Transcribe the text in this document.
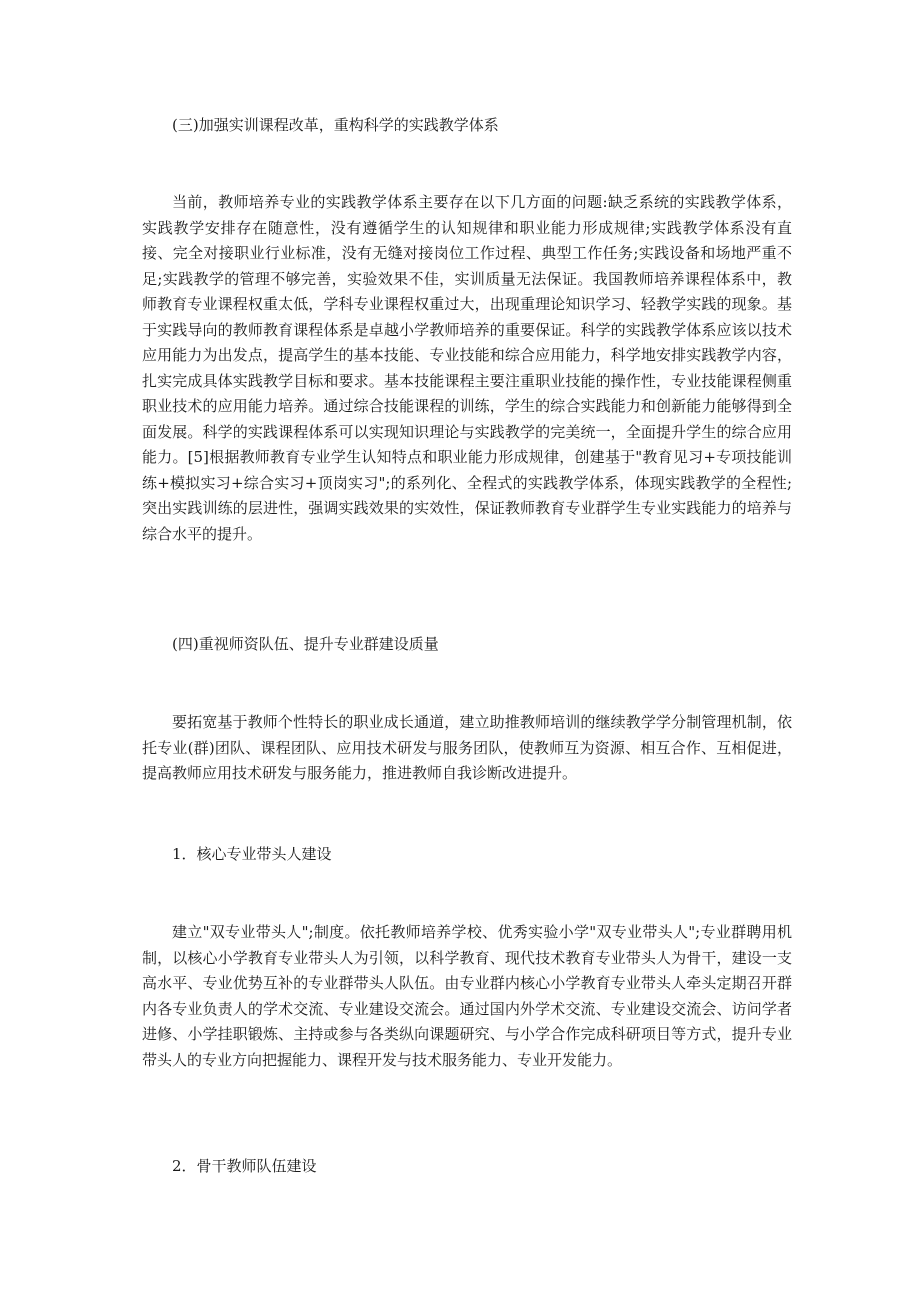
(三)加强实训课程改革，重构科学的实践教学体系

当前，教师培养专业的实践教学体系主要存在以下几方面的问题:缺乏系统的实践教学体系，实践教学安排存在随意性，没有遵循学生的认知规律和职业能力形成规律;实践教学体系没有直接、完全对接职业行业标准，没有无缝对接岗位工作过程、典型工作任务;实践设备和场地严重不足;实践教学的管理不够完善，实验效果不佳，实训质量无法保证。我国教师培养课程体系中，教师教育专业课程权重太低，学科专业课程权重过大，出现重理论知识学习、轻教学实践的现象。基于实践导向的教师教育课程体系是卓越小学教师培养的重要保证。科学的实践教学体系应该以技术应用能力为出发点，提高学生的基本技能、专业技能和综合应用能力，科学地安排实践教学内容，扎实完成具体实践教学目标和要求。基本技能课程主要注重职业技能的操作性，专业技能课程侧重职业技术的应用能力培养。通过综合技能课程的训练，学生的综合实践能力和创新能力能够得到全面发展。科学的实践课程体系可以实现知识理论与实践教学的完美统一，全面提升学生的综合应用能力。[5]根据教师教育专业学生认知特点和职业能力形成规律，创建基于"教育见习+专项技能训练+模拟实习+综合实习+顶岗实习";的系列化、全程式的实践教学体系，体现实践教学的全程性;突出实践训练的层进性，强调实践效果的实效性，保证教师教育专业群学生专业实践能力的培养与综合水平的提升。

(四)重视师资队伍、提升专业群建设质量

要拓宽基于教师个性特长的职业成长通道，建立助推教师培训的继续教学学分制管理机制，依托专业(群)团队、课程团队、应用技术研发与服务团队，使教师互为资源、相互合作、互相促进，提高教师应用技术研发与服务能力，推进教师自我诊断改进提升。

1．核心专业带头人建设

建立"双专业带头人";制度。依托教师培养学校、优秀实验小学"双专业带头人";专业群聘用机制，以核心小学教育专业带头人为引领，以科学教育、现代技术教育专业带头人为骨干，建设一支高水平、专业优势互补的专业群带头人队伍。由专业群内核心小学教育专业带头人牵头定期召开群内各专业负责人的学术交流、专业建设交流会。通过国内外学术交流、专业建设交流会、访问学者进修、小学挂职锻炼、主持或参与各类纵向课题研究、与小学合作完成科研项目等方式，提升专业带头人的专业方向把握能力、课程开发与技术服务能力、专业开发能力。

2．骨干教师队伍建设
